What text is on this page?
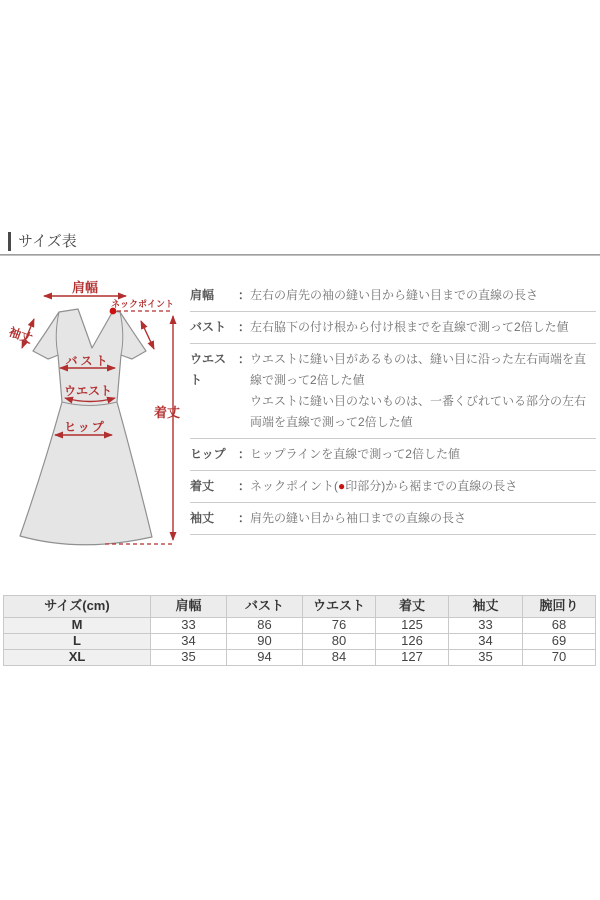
サイズ表
肩幅
ネックポイント
袖丈
バスト
ウエスト
ヒップ
着丈
肩幅 ： 左右の肩先の袖の縫い目から縫い目までの直線の長さ
バスト ： 左右脇下の付け根から付け根までを直線で測って2倍した値
ウエスト
： ウエストに縫い目があるものは、縫い目に沿った左右両端を直線で測って2倍した値
ウエストに縫い目のないものは、一番くびれている部分の左右両端を直線で測って2倍した値
ヒップ ： ヒップラインを直線で測って2倍した値
着丈 ： ネックポイント(●印部分)から裾までの直線の長さ
袖丈 ： 肩先の縫い目から袖口までの直線の長さ
サイズ(cm)	肩幅	バスト	ウエスト	着丈	袖丈	腕回り
M	33	86	76	125	33	68
L	34	90	80	126	34	69
XL	35	94	84	127	35	70
